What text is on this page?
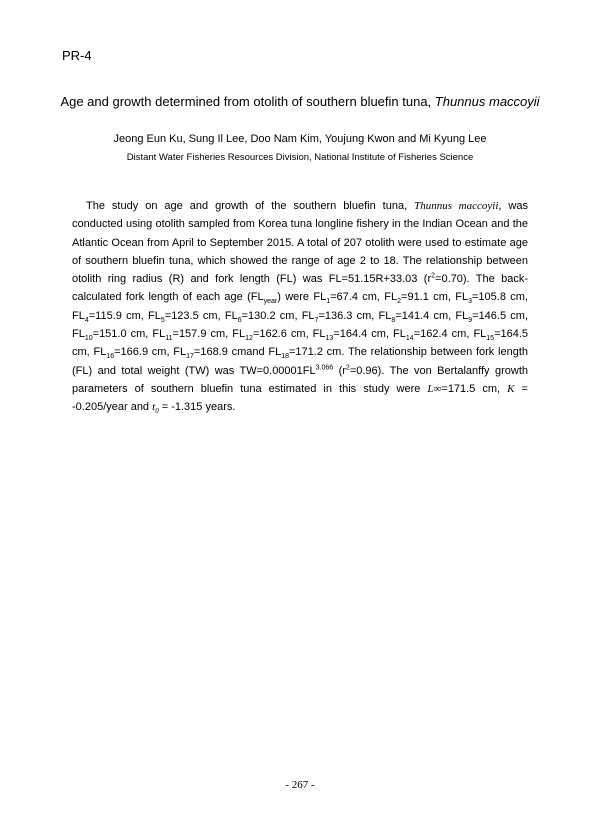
PR-4
Age and growth determined from otolith of southern bluefin tuna, Thunnus maccoyii
Jeong Eun Ku, Sung Il Lee, Doo Nam Kim, Youjung Kwon and Mi Kyung Lee
Distant Water Fisheries Resources Division, National Institute of Fisheries Science

The study on age and growth of the southern bluefin tuna, Thunnus maccoyii, was conducted using otolith sampled from Korea tuna longline fishery in the Indian Ocean and the Atlantic Ocean from April to September 2015. A total of 207 otolith were used to estimate age of southern bluefin tuna, which showed the range of age 2 to 18. The relationship between otolith ring radius (R) and fork length (FL) was FL=51.15R+33.03 $(r^2=0.70)$. The back-calculated fork length of each age $(FL_{year})$ were $FL_1=67.4$ cm, $FL_2=91.1$ cm, $FL_3=105.8$ cm, $FL_4=115.9$ cm, $FL_5=123.5$ cm, $FL_6=130.2$ cm, $FL_7=136.3$ cm, $FL_8=141.4$ cm, $FL_9=146.5$ cm, $FL_{10}=151.0$ cm, $FL_{11}=157.9$ cm, $FL_{12}=162.6$ cm, $FL_{13}=164.4$ cm, $FL_{14}=162.4$ cm, $FL_{15}=164.5$ cm, $FL_{16}=166.9$ cm, $FL_{17}=168.9$ cmand $FL_{18}=171.2$ cm. The relationship between fork length (FL) and total weight (TW) was $TW=0.00001FL^{3.066}$ $(r^2=0.96)$. The von Bertalanffy growth parameters of southern bluefin tuna estimated in this study were L∞=171.5 cm, K = -0.205/year and $t_0 = -1.315$ years.

- 267 -
